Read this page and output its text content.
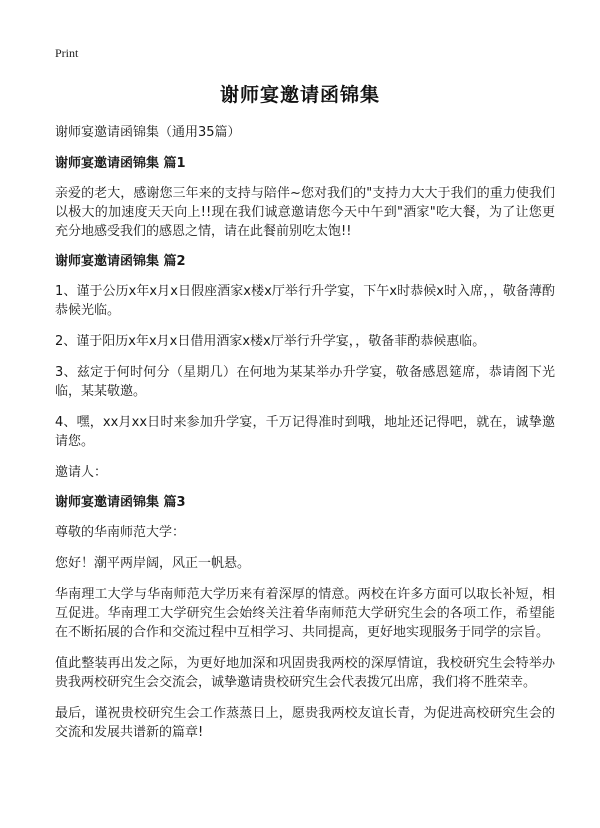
Print
谢师宴邀请函锦集

谢师宴邀请函锦集（通用35篇）

谢师宴邀请函锦集 篇1

亲爱的老大，感谢您三年来的支持与陪伴~您对我们的"支持力大大于我们的重力使我们以极大的加速度天天向上!!现在我们诚意邀请您今天中午到"酒家"吃大餐，为了让您更充分地感受我们的感恩之情，请在此餐前别吃太饱!!

谢师宴邀请函锦集 篇2

1、谨于公历x年x月x日假座酒家x楼x厅举行升学宴，下午x时恭候x时入席，，敬备薄酌恭候光临。

2、谨于阳历x年x月x日借用酒家x楼x厅举行升学宴，，敬备菲酌恭候惠临。

3、兹定于何时何分（星期几）在何地为某某举办升学宴，敬备感恩筵席，恭请阁下光临，某某敬邀。

4、嘿，xx月xx日时来参加升学宴，千万记得准时到哦，地址还记得吧，就在，诚挚邀请您。

邀请人：

谢师宴邀请函锦集 篇3

尊敬的华南师范大学：

您好！潮平两岸阔，风正一帆悬。

华南理工大学与华南师范大学历来有着深厚的情意。两校在许多方面可以取长补短，相互促进。华南理工大学研究生会始终关注着华南师范大学研究生会的各项工作，希望能在不断拓展的合作和交流过程中互相学习、共同提高，更好地实现服务于同学的宗旨。

值此整装再出发之际，为更好地加深和巩固贵我两校的深厚情谊，我校研究生会特举办贵我两校研究生会交流会，诚挚邀请贵校研究生会代表拨冗出席，我们将不胜荣幸。

最后，谨祝贵校研究生会工作蒸蒸日上，愿贵我两校友谊长青，为促进高校研究生会的交流和发展共谱新的篇章!
